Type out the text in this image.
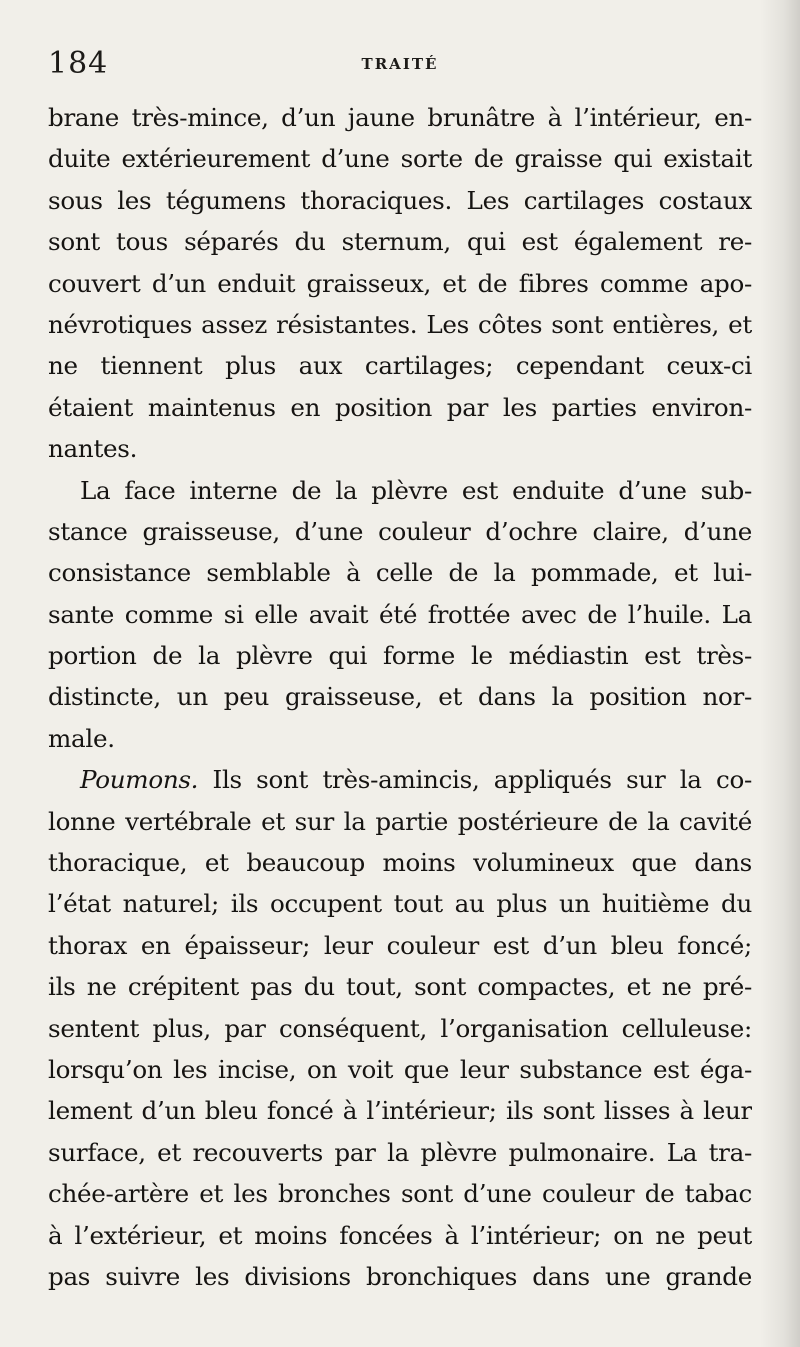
184	TRAITÉ
brane très-mince, d’un jaune brunâtre à l’intérieur, en-
duite extérieurement d’une sorte de graisse qui existait
sous les tégumens thoraciques. Les cartilages costaux
sont tous séparés du sternum, qui est également re-
couvert d’un enduit graisseux, et de fibres comme apo-
névrotiques assez résistantes. Les côtes sont entières, et
ne tiennent plus aux cartilages; cependant ceux-ci
étaient maintenus en position par les parties environ-
nantes.
La face interne de la plèvre est enduite d’une sub-
stance graisseuse, d’une couleur d’ochre claire, d’une
consistance semblable à celle de la pommade, et lui-
sante comme si elle avait été frottée avec de l’huile. La
portion de la plèvre qui forme le médiastin est très-
distincte, un peu graisseuse, et dans la position nor-
male.
Poumons. Ils sont très-amincis, appliqués sur la co-
lonne vertébrale et sur la partie postérieure de la cavité
thoracique, et beaucoup moins volumineux que dans
l’état naturel; ils occupent tout au plus un huitième du
thorax en épaisseur; leur couleur est d’un bleu foncé;
ils ne crépitent pas du tout, sont compactes, et ne pré-
sentent plus, par conséquent, l’organisation celluleuse:
lorsqu’on les incise, on voit que leur substance est éga-
lement d’un bleu foncé à l’intérieur; ils sont lisses à leur
surface, et recouverts par la plèvre pulmonaire. La tra-
chée-artère et les bronches sont d’une couleur de tabac
à l’extérieur, et moins foncées à l’intérieur; on ne peut
pas suivre les divisions bronchiques dans une grande
